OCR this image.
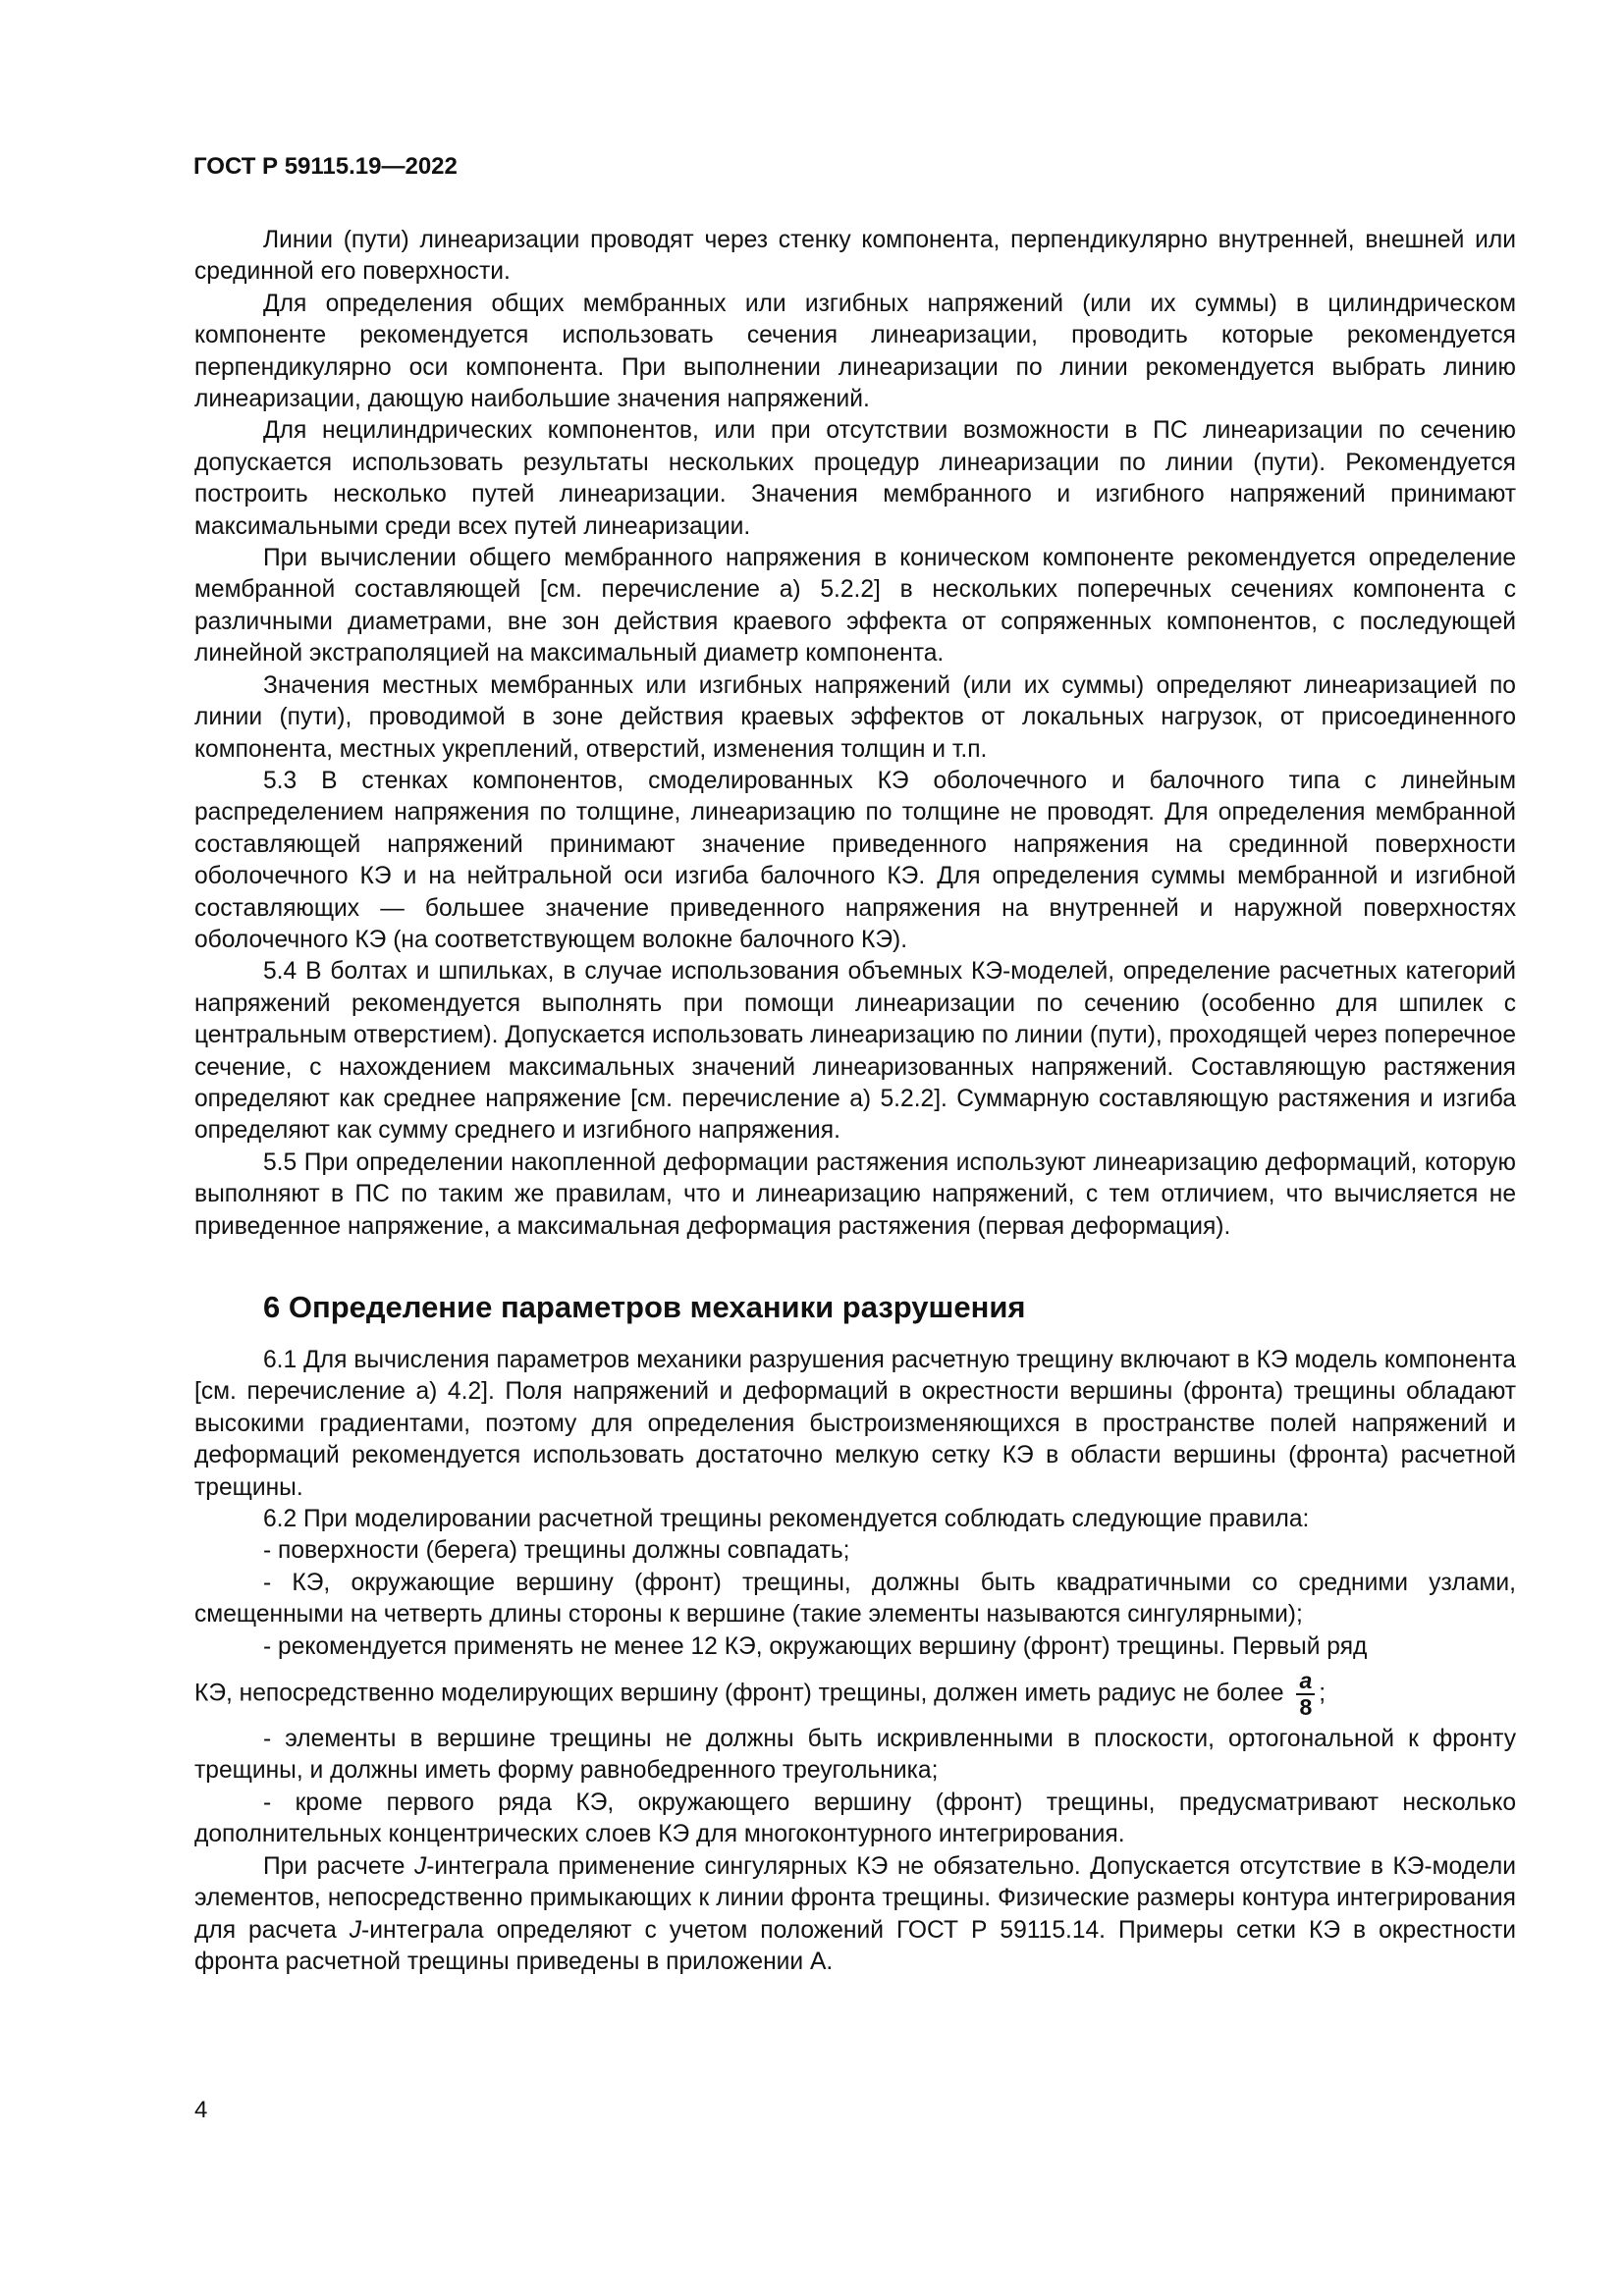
ГОСТ Р 59115.19—2022

Линии (пути) линеаризации проводят через стенку компонента, перпендикулярно внутренней, внешней или срединной его поверхности.

Для определения общих мембранных или изгибных напряжений (или их суммы) в цилиндрическом компоненте рекомендуется использовать сечения линеаризации, проводить которые рекомендуется перпендикулярно оси компонента. При выполнении линеаризации по линии рекомендуется выбрать линию линеаризации, дающую наибольшие значения напряжений.

Для нецилиндрических компонентов, или при отсутствии возможности в ПС линеаризации по сечению допускается использовать результаты нескольких процедур линеаризации по линии (пути). Рекомендуется построить несколько путей линеаризации. Значения мембранного и изгибного напряжений принимают максимальными среди всех путей линеаризации.

При вычислении общего мембранного напряжения в коническом компоненте рекомендуется определение мембранной составляющей [см. перечисление а) 5.2.2] в нескольких поперечных сечениях компонента с различными диаметрами, вне зон действия краевого эффекта от сопряженных компонентов, с последующей линейной экстраполяцией на максимальный диаметр компонента.

Значения местных мембранных или изгибных напряжений (или их суммы) определяют линеаризацией по линии (пути), проводимой в зоне действия краевых эффектов от локальных нагрузок, от присоединенного компонента, местных укреплений, отверстий, изменения толщин и т.п.

5.3 В стенках компонентов, смоделированных КЭ оболочечного и балочного типа с линейным распределением напряжения по толщине, линеаризацию по толщине не проводят. Для определения мембранной составляющей напряжений принимают значение приведенного напряжения на срединной поверхности оболочечного КЭ и на нейтральной оси изгиба балочного КЭ. Для определения суммы мембранной и изгибной составляющих — большее значение приведенного напряжения на внутренней и наружной поверхностях оболочечного КЭ (на соответствующем волокне балочного КЭ).

5.4 В болтах и шпильках, в случае использования объемных КЭ-моделей, определение расчетных категорий напряжений рекомендуется выполнять при помощи линеаризации по сечению (особенно для шпилек с центральным отверстием). Допускается использовать линеаризацию по линии (пути), проходящей через поперечное сечение, с нахождением максимальных значений линеаризованных напряжений. Составляющую растяжения определяют как среднее напряжение [см. перечисление а) 5.2.2]. Суммарную составляющую растяжения и изгиба определяют как сумму среднего и изгибного напряжения.

5.5 При определении накопленной деформации растяжения используют линеаризацию деформаций, которую выполняют в ПС по таким же правилам, что и линеаризацию напряжений, с тем отличием, что вычисляется не приведенное напряжение, а максимальная деформация растяжения (первая деформация).

6 Определение параметров механики разрушения

6.1 Для вычисления параметров механики разрушения расчетную трещину включают в КЭ модель компонента [см. перечисление а) 4.2]. Поля напряжений и деформаций в окрестности вершины (фронта) трещины обладают высокими градиентами, поэтому для определения быстроизменяющихся в пространстве полей напряжений и деформаций рекомендуется использовать достаточно мелкую сетку КЭ в области вершины (фронта) расчетной трещины.

6.2 При моделировании расчетной трещины рекомендуется соблюдать следующие правила:

- поверхности (берега) трещины должны совпадать;

- КЭ, окружающие вершину (фронт) трещины, должны быть квадратичными со средними узлами, смещенными на четверть длины стороны к вершине (такие элементы называются сингулярными);

- рекомендуется применять не менее 12 КЭ, окружающих вершину (фронт) трещины. Первый ряд

КЭ, непосредственно моделирующих вершину (фронт) трещины, должен иметь радиус не более $\frac{a}{8}$ ;

- элементы в вершине трещины не должны быть искривленными в плоскости, ортогональной к фронту трещины, и должны иметь форму равнобедренного треугольника;

- кроме первого ряда КЭ, окружающего вершину (фронт) трещины, предусматривают несколько дополнительных концентрических слоев КЭ для многоконтурного интегрирования.

При расчете J-интеграла применение сингулярных КЭ не обязательно. Допускается отсутствие в КЭ-модели элементов, непосредственно примыкающих к линии фронта трещины. Физические размеры контура интегрирования для расчета J-интеграла определяют с учетом положений ГОСТ Р 59115.14. Примеры сетки КЭ в окрестности фронта расчетной трещины приведены в приложении А.

4
